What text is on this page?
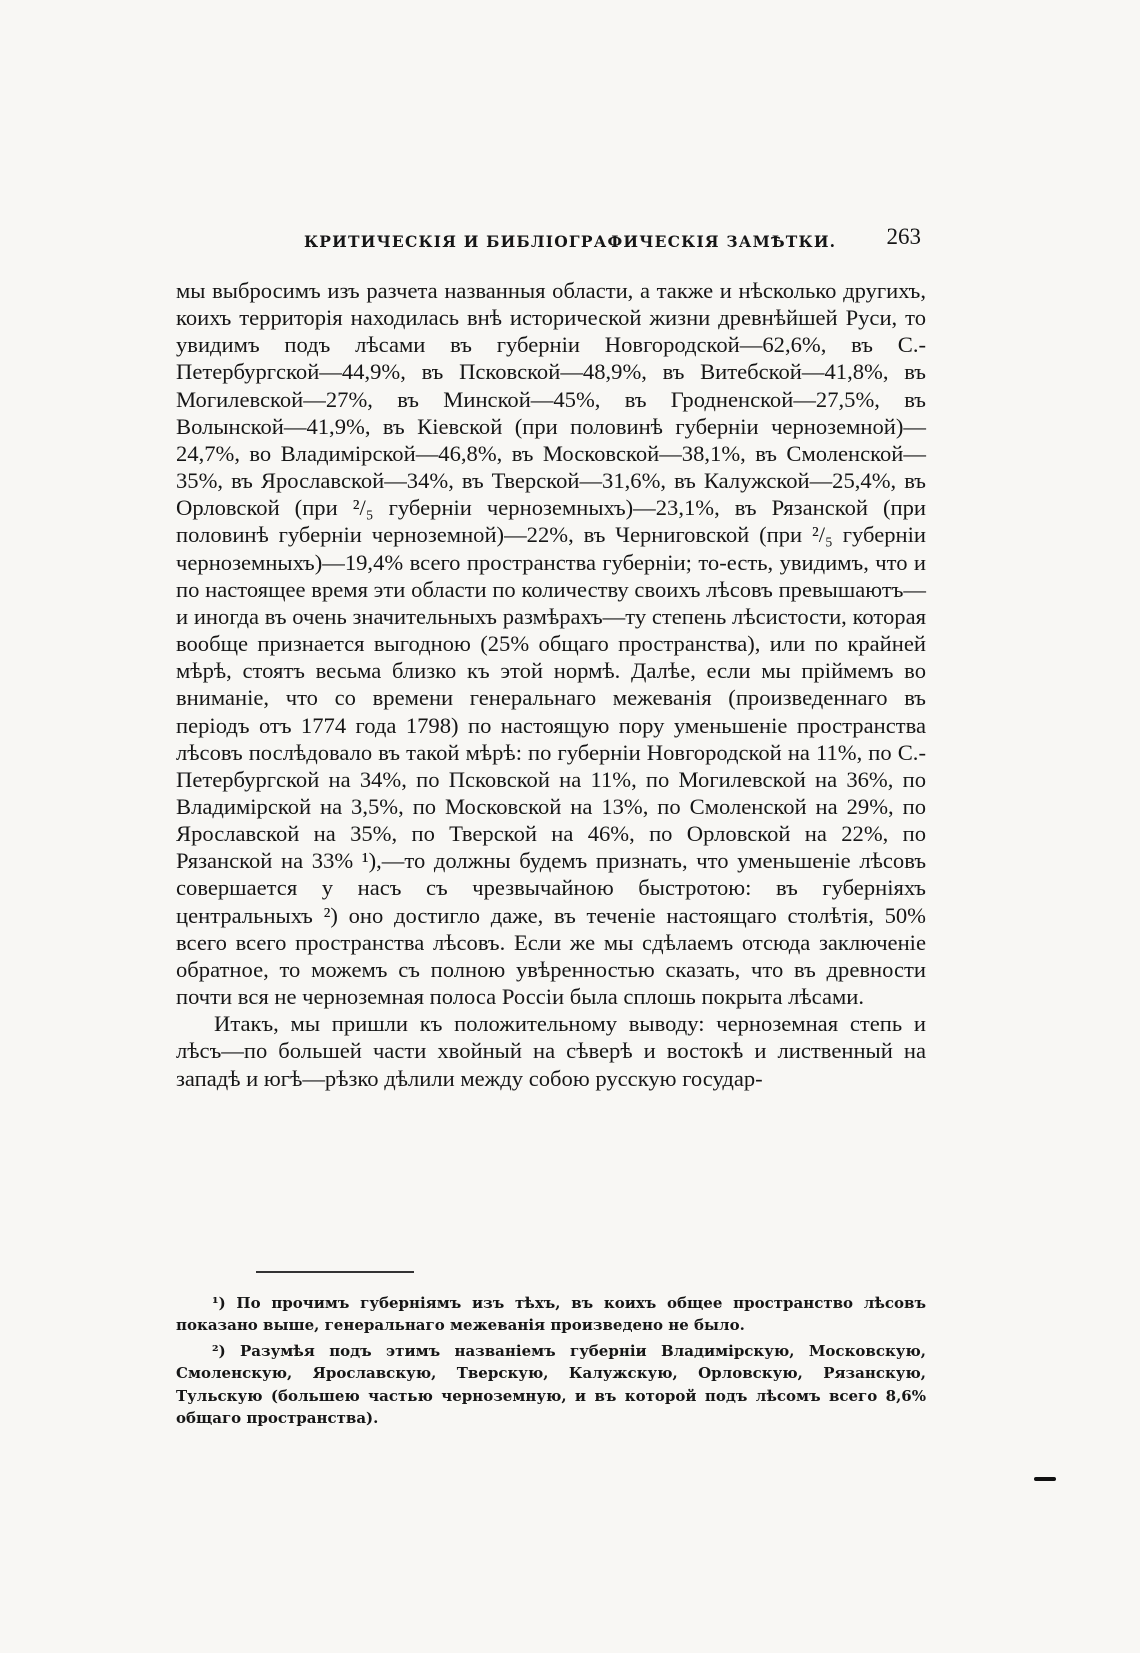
КРИТИЧЕСКІЯ И БИБЛІОГРАФИЧЕСКІЯ ЗАМѢТКИ. 263

мы выбросимъ изъ разчета названныя области, а также и нѣсколько другихъ, коихъ территорія находилась внѣ исторической жизни древнѣйшей Руси, то увидимъ подъ лѣсами въ губерніи Новгородской—62,6%, въ С.-Петербургской—44,9%, въ Псковской—48,9%, въ Витебской—41,8%, въ Могилевской—27%, въ Минской—45%, въ Гродненской—27,5%, въ Волынской—41,9%, въ Кіевской (при половинѣ губерніи черноземной)—24,7%, во Владимірской—46,8%, въ Московской—38,1%, въ Смоленской—35%, въ Ярославской—34%, въ Тверской—31,6%, въ Калужской—25,4%, въ Орловской (при ²/₅ губерніи черноземныхъ)—23,1%, въ Рязанской (при половинѣ губерніи черноземной)—22%, въ Черниговской (при ²/₅ губерніи черноземныхъ)—19,4% всего пространства губерніи; то-есть, увидимъ, что и по настоящее время эти области по количеству своихъ лѣсовъ превышаютъ—и иногда въ очень значительныхъ размѣрахъ—ту степень лѣсистости, которая вообще признается выгодною (25% общаго пространства), или по крайней мѣрѣ, стоятъ весьма близко къ этой нормѣ. Далѣе, если мы прiймемъ во вниманіе, что со времени генеральнаго межеванія (произведеннаго въ періодъ отъ 1774 года 1798) по настоящую пору уменьшеніе пространства лѣсовъ послѣдовало въ такой мѣрѣ: по губерніи Новгородской на 11%, по С.-Петербургской на 34%, по Псковской на 11%, по Могилевской на 36%, по Владимірской на 3,5%, по Московской на 13%, по Смоленской на 29%, по Ярославской на 35%, по Тверской на 46%, по Орловской на 22%, по Рязанской на 33% ¹),—то должны будемъ признать, что уменьшеніе лѣсовъ совершается у насъ съ чрезвычайною быстротою: въ губерніяхъ центральныхъ ²) оно достигло даже, въ теченіе настоящаго столѣтія, 50% всего всего пространства лѣсовъ. Если же мы сдѣлаемъ отсюда заключеніе обратное, то можемъ съ полною увѣренностью сказать, что въ древности почти вся не черноземная полоса Россіи была сплошь покрыта лѣсами.

Итакъ, мы пришли къ положительному выводу: черноземная степь и лѣсъ—по большей части хвойный на сѣверѣ и востокѣ и лиственный на западѣ и югѣ—рѣзко дѣлили между собою русскую государ-

¹) По прочимъ губерніямъ изъ тѣхъ, въ коихъ общее пространство лѣсовъ показано выше, генеральнаго межеванія произведено не было.

²) Разумѣя подъ этимъ названіемъ губерніи Владимірскую, Московскую, Смоленскую, Ярославскую, Тверскую, Калужскую, Орловскую, Рязанскую, Тульскую (большею частью черноземную, и въ которой подъ лѣсомъ всего 8,6% общаго пространства).
